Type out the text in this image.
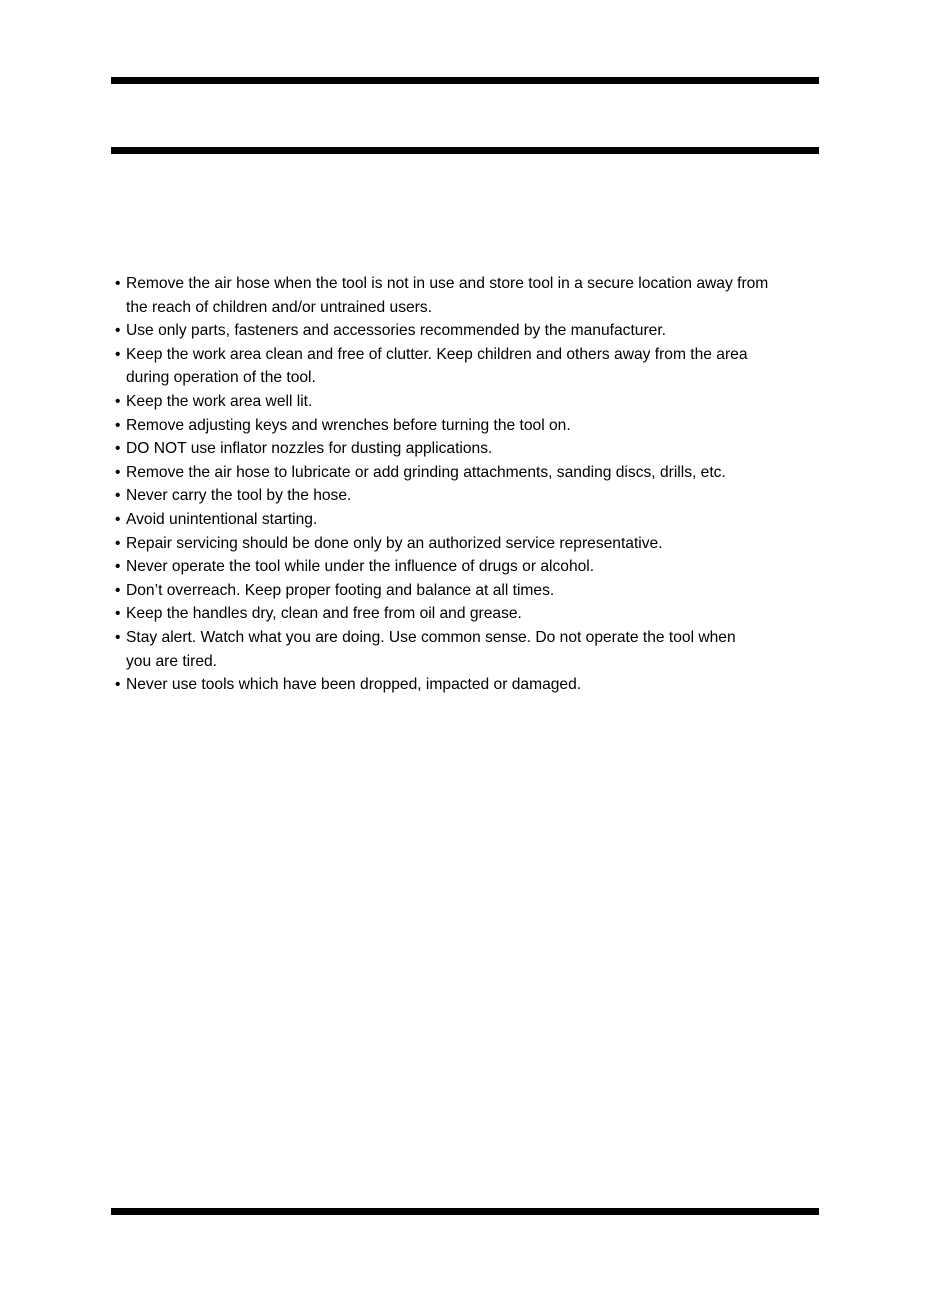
• Remove the air hose when the tool is not in use and store tool in a secure location away from
the reach of children and/or untrained users.
• Use only parts, fasteners and accessories recommended by the manufacturer.
• Keep the work area clean and free of clutter. Keep children and others away from the area
during operation of the tool.
• Keep the work area well lit.
• Remove adjusting keys and wrenches before turning the tool on.
• DO NOT use inflator nozzles for dusting applications.
• Remove the air hose to lubricate or add grinding attachments, sanding discs, drills, etc.
• Never carry the tool by the hose.
• Avoid unintentional starting.
• Repair servicing should be done only by an authorized service representative.
• Never operate the tool while under the influence of drugs or alcohol.
• Don’t overreach. Keep proper footing and balance at all times.
• Keep the handles dry, clean and free from oil and grease.
• Stay alert. Watch what you are doing. Use common sense. Do not operate the tool when
you are tired.
• Never use tools which have been dropped, impacted or damaged.
